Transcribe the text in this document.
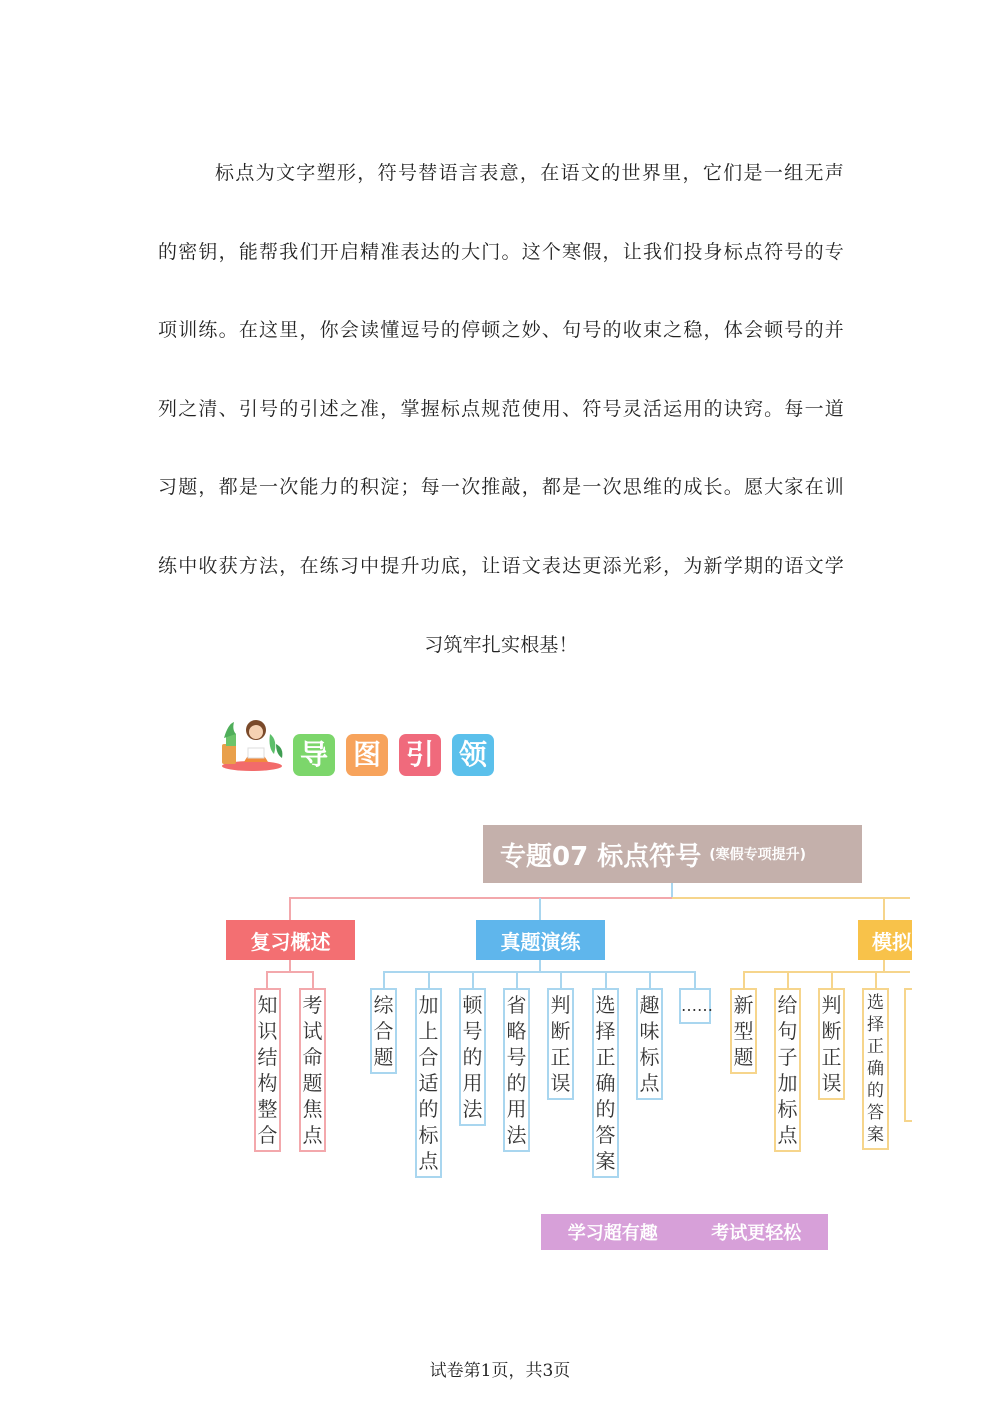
标点为文字塑形，符号替语言表意，在语文的世界里，它们是一组无声
的密钥，能帮我们开启精准表达的大门。这个寒假，让我们投身标点符号的专
项训练。在这里，你会读懂逗号的停顿之妙、句号的收束之稳，体会顿号的并
列之清、引号的引述之准，掌握标点规范使用、符号灵活运用的诀窍。每一道
习题，都是一次能力的积淀；每一次推敲，都是一次思维的成长。愿大家在训
练中收获方法，在练习中提升功底，让语文表达更添光彩，为新学期的语文学
习筑牢扎实根基！
导 图 引 领
专题07 标点符号 (寒假专项提升)
复习概述	真题演练	模拟
知识结构整合
考试命题焦点
综合题
加上合适的标点
顿号的用法
省略号的用法
判断正误
选择正确的答案
趣味标点
…… 新型题
给句子加标点
判断正误
选择正确的答案
学习超有趣	考试更轻松
试卷第1页，共3页
